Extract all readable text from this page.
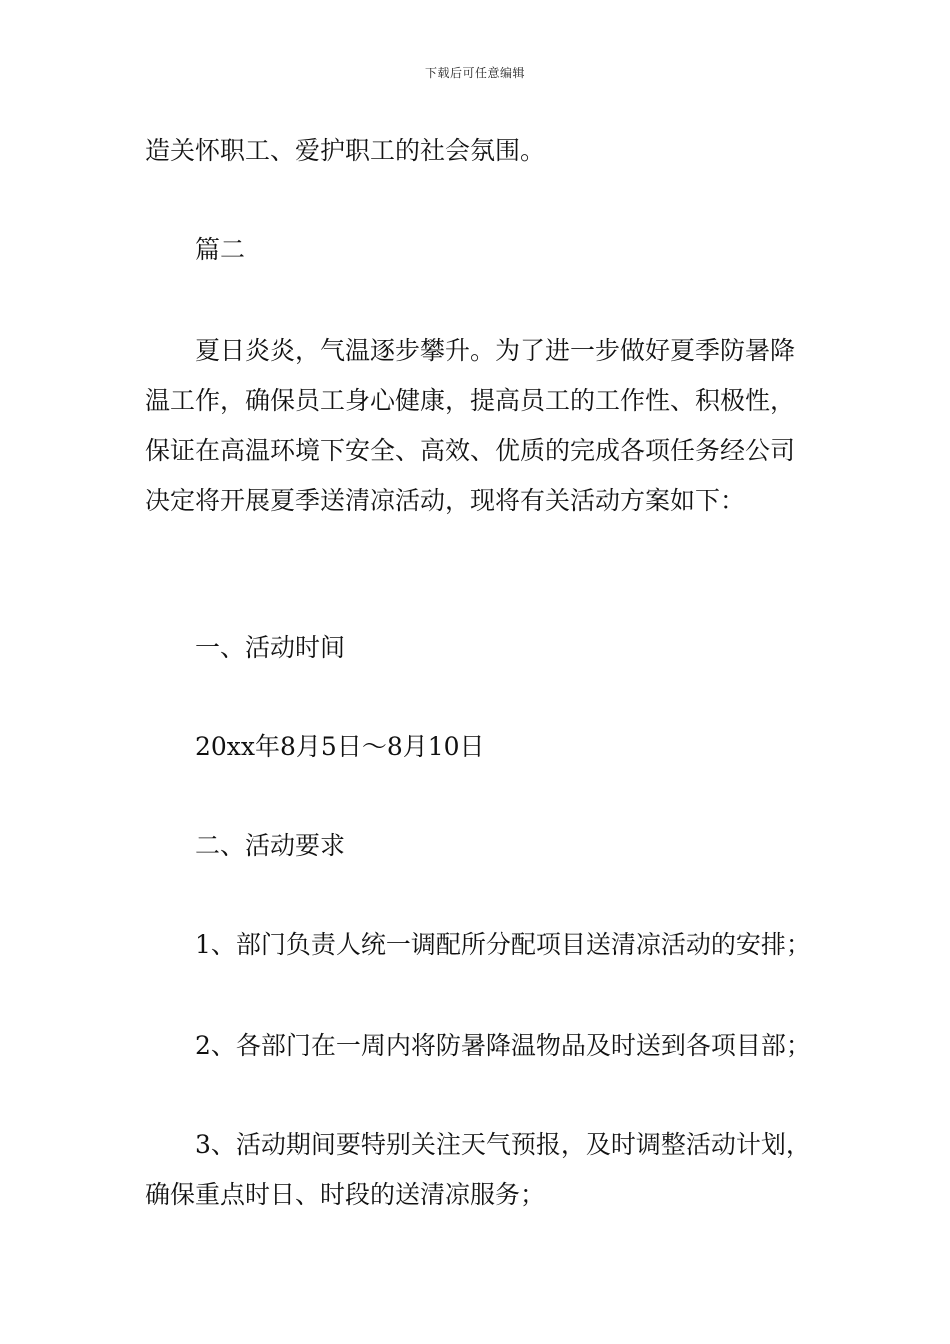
下载后可任意编辑

造关怀职工、爱护职工的社会氛围。

篇二

夏日炎炎，气温逐步攀升。为了进一步做好夏季防暑降温工作，确保员工身心健康，提高员工的工作性、积极性，保证在高温环境下安全、高效、优质的完成各项任务经公司决定将开展夏季送清凉活动，现将有关活动方案如下：

一、活动时间

20xx年8月5日～8月10日

二、活动要求

1、部门负责人统一调配所分配项目送清凉活动的安排；

2、各部门在一周内将防暑降温物品及时送到各项目部；

3、活动期间要特别关注天气预报，及时调整活动计划，确保重点时日、时段的送清凉服务；
